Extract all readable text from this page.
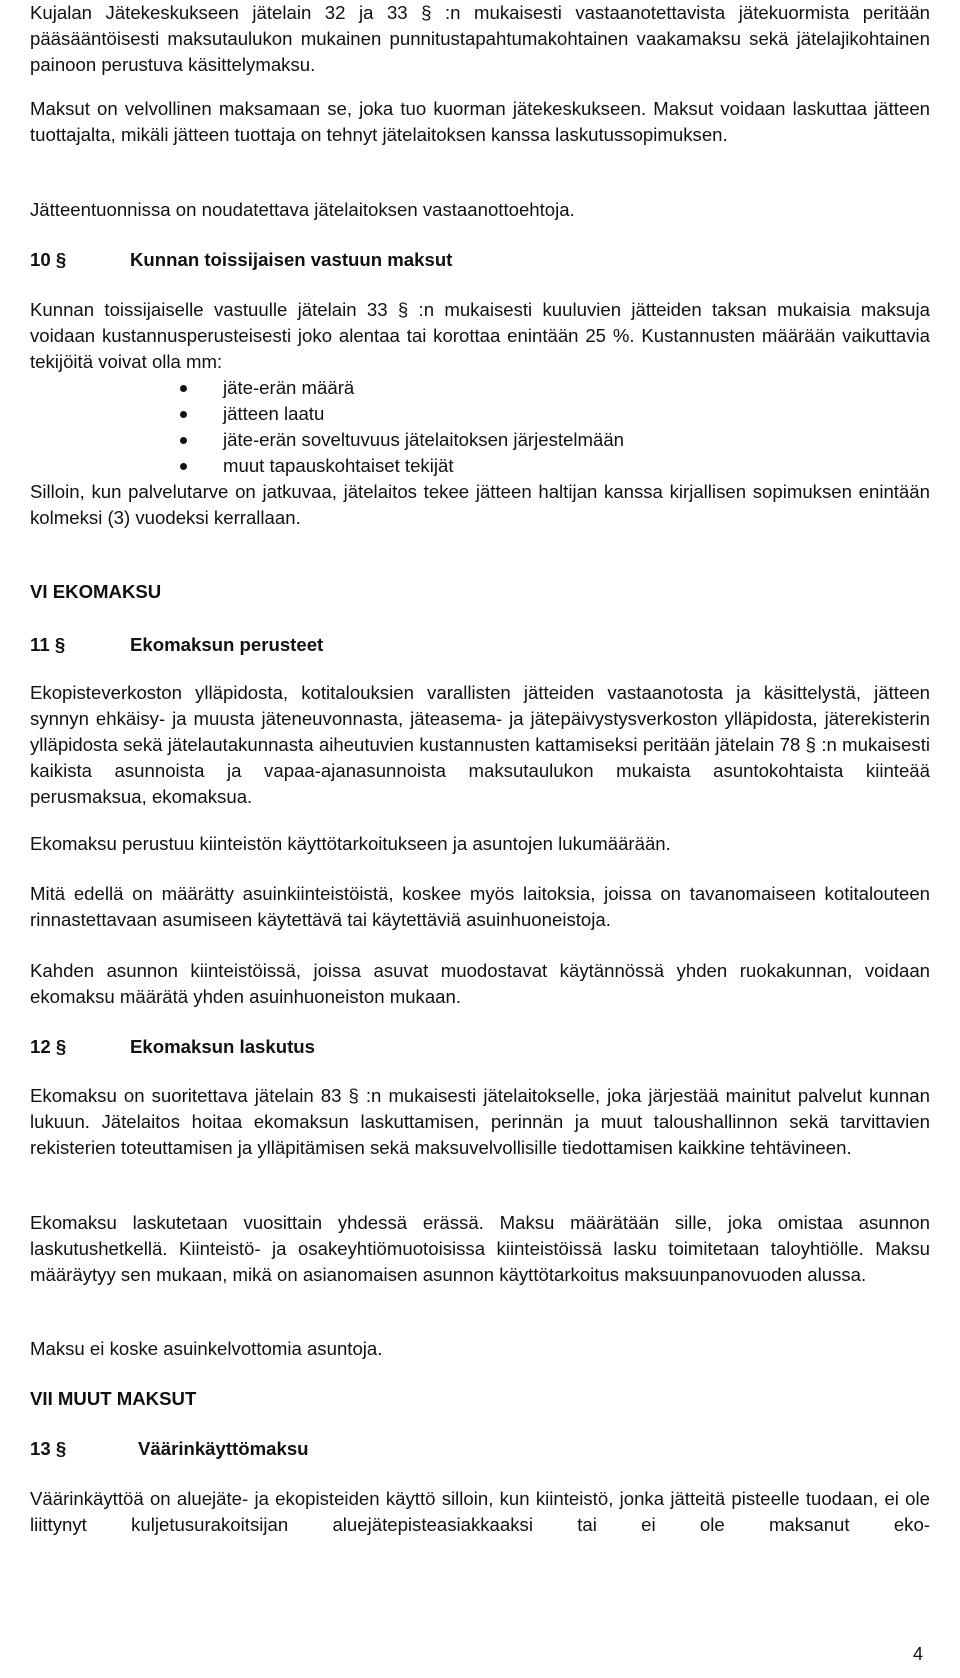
Kujalan Jätekeskukseen jätelain 32 ja 33 § :n mukaisesti vastaanotettavista jätekuormista peritään pääsääntöisesti maksutaulukon mukainen punnitustapahtumakohtainen vaakamaksu sekä jätelajikohtainen painoon perustuva käsittelymaksu.

Maksut on velvollinen maksamaan se, joka tuo kuorman jätekeskukseen. Maksut voidaan laskuttaa jätteen tuottajalta, mikäli jätteen tuottaja on tehnyt jätelaitoksen kanssa laskutussopimuksen.

Jätteentuonnissa on noudatettava jätelaitoksen vastaanottoehtoja.

10 §	Kunnan toissijaisen vastuun maksut

Kunnan toissijaiselle vastuulle jätelain 33 § :n mukaisesti kuuluvien jätteiden taksan mukaisia maksuja voidaan kustannusperusteisesti joko alentaa tai korottaa enintään 25 %. Kustannusten määrään vaikuttavia tekijöitä voivat olla mm:

jäte-erän määrä
jätteen laatu
jäte-erän soveltuvuus jätelaitoksen järjestelmään
muut tapauskohtaiset tekijät

Silloin, kun palvelutarve on jatkuvaa, jätelaitos tekee jätteen haltijan kanssa kirjallisen sopimuksen enintään kolmeksi (3) vuodeksi kerrallaan.

VI EKOMAKSU
11 §	Ekomaksun perusteet

Ekopisteverkoston ylläpidosta, kotitalouksien varallisten jätteiden vastaanotosta ja käsittelystä, jätteen synnyn ehkäisy- ja muusta jäteneuvonnasta, jäteasema- ja jätepäivystysverkoston ylläpidosta, jäterekisterin ylläpidosta sekä jätelautakunnasta aiheutuvien kustannusten kattamiseksi peritään jätelain 78 § :n mukaisesti kaikista asunnoista ja vapaa-ajanasunnoista maksutaulukon mukaista asuntokohtaista kiinteää perusmaksua, ekomaksua.

Ekomaksu perustuu kiinteistön käyttötarkoitukseen ja asuntojen lukumäärään.

Mitä edellä on määrätty asuinkiinteistöistä, koskee myös laitoksia, joissa on tavanomaiseen kotitalouteen rinnastettavaan asumiseen käytettävä tai käytettäviä asuinhuoneistoja.

Kahden asunnon kiinteistöissä, joissa asuvat muodostavat käytännössä yhden ruokakunnan, voidaan ekomaksu määrätä yhden asuinhuoneiston mukaan.

12 §	Ekomaksun laskutus

Ekomaksu on suoritettava jätelain 83 § :n mukaisesti jätelaitokselle, joka järjestää mainitut palvelut kunnan lukuun. Jätelaitos hoitaa ekomaksun laskuttamisen, perinnän ja muut taloushallinnon sekä tarvittavien rekisterien toteuttamisen ja ylläpitämisen sekä maksuvelvollisille tiedottamisen kaikkine tehtävineen.

Ekomaksu laskutetaan vuosittain yhdessä erässä. Maksu määrätään sille, joka omistaa asunnon laskutushetkellä. Kiinteistö- ja osakeyhtiömuotoisissa kiinteistöissä lasku toimitetaan taloyhtiölle. Maksu määräytyy sen mukaan, mikä on asianomaisen asunnon käyttötarkoitus maksuunpanovuoden alussa.

Maksu ei koske asuinkelvottomia asuntoja.

VII MUUT MAKSUT
13 §	Väärinkäyttömaksu

Väärinkäyttöä on aluejäte- ja ekopisteiden käyttö silloin, kun kiinteistö, jonka jätteitä pisteelle tuodaan, ei ole liittynyt kuljetusurakoitsijan aluejätepisteasiakkaaksi tai ei ole maksanut eko-

4
